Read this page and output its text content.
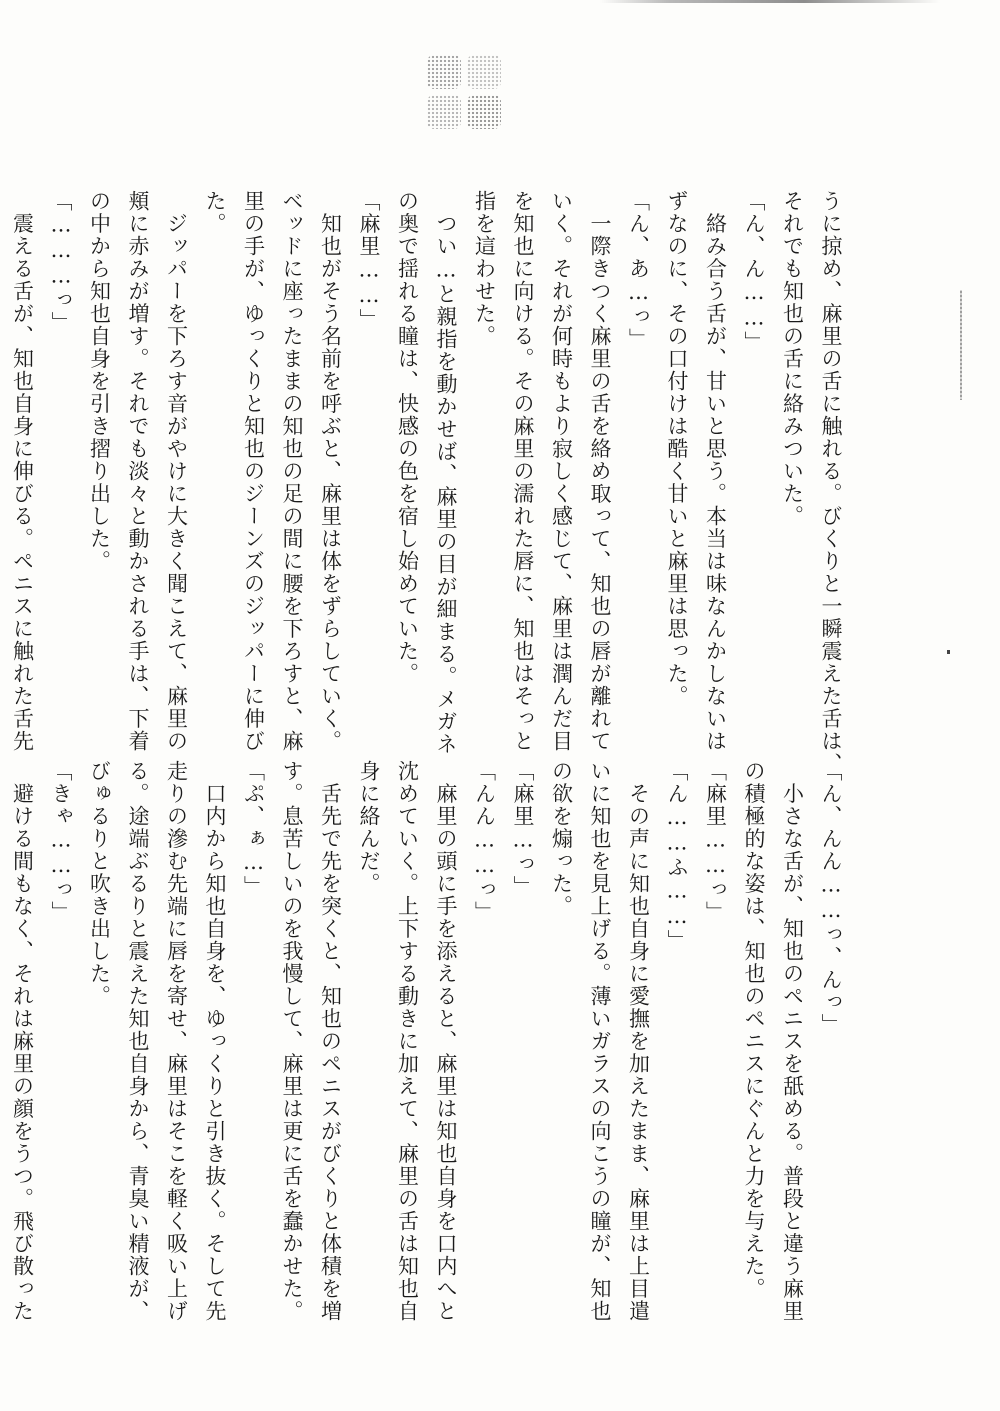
うに掠め、麻里の舌に触れる。びくりと一瞬震えた舌は、
それでも知也の舌に絡みついた。
「ん、ん……」
　絡み合う舌が、甘いと思う。本当は味なんかしないは
ずなのに、その口付けは酷く甘いと麻里は思った。
「ん、あ…っ」
　一際きつく麻里の舌を絡め取って、知也の唇が離れて
いく。それが何時もより寂しく感じて、麻里は潤んだ目
を知也に向ける。その麻里の濡れた唇に、知也はそっと
指を這わせた。
　つい…と親指を動かせば、麻里の目が細まる。メガネ
の奥で揺れる瞳は、快感の色を宿し始めていた。
「麻里……」
　知也がそう名前を呼ぶと、麻里は体をずらしていく。
ベッドに座ったままの知也の足の間に腰を下ろすと、麻
里の手が、ゆっくりと知也のジーンズのジッパーに伸び
た。
　ジッパーを下ろす音がやけに大きく聞こえて、麻里の
頬に赤みが増す。それでも淡々と動かされる手は、下着
の中から知也自身を引き摺り出した。
「………っ」
　震える舌が、知也自身に伸びる。ペニスに触れた舌先
「ん、んん……っ、んっ」
　小さな舌が、知也のペニスを舐める。普段と違う麻里
の積極的な姿は、知也のペニスにぐんと力を与えた。
「麻里……っ」
「ん……ふ……」
　その声に知也自身に愛撫を加えたまま、麻里は上目遣
いに知也を見上げる。薄いガラスの向こうの瞳が、知也
の欲を煽った。
「麻里…っ」
「んん……っ」
　麻里の頭に手を添えると、麻里は知也自身を口内へと
沈めていく。上下する動きに加えて、麻里の舌は知也自
身に絡んだ。
　舌先で先を突くと、知也のペニスがびくりと体積を増
す。息苦しいのを我慢して、麻里は更に舌を蠢かせた。
「ぷ、ぁ…」
　口内から知也自身を、ゆっくりと引き抜く。そして先
走りの滲む先端に唇を寄せ、麻里はそこを軽く吸い上げ
る。途端ぶるりと震えた知也自身から、青臭い精液が、
びゅるりと吹き出した。
「きゃ……っ」
　避ける間もなく、それは麻里の顔をうつ。飛び散った
